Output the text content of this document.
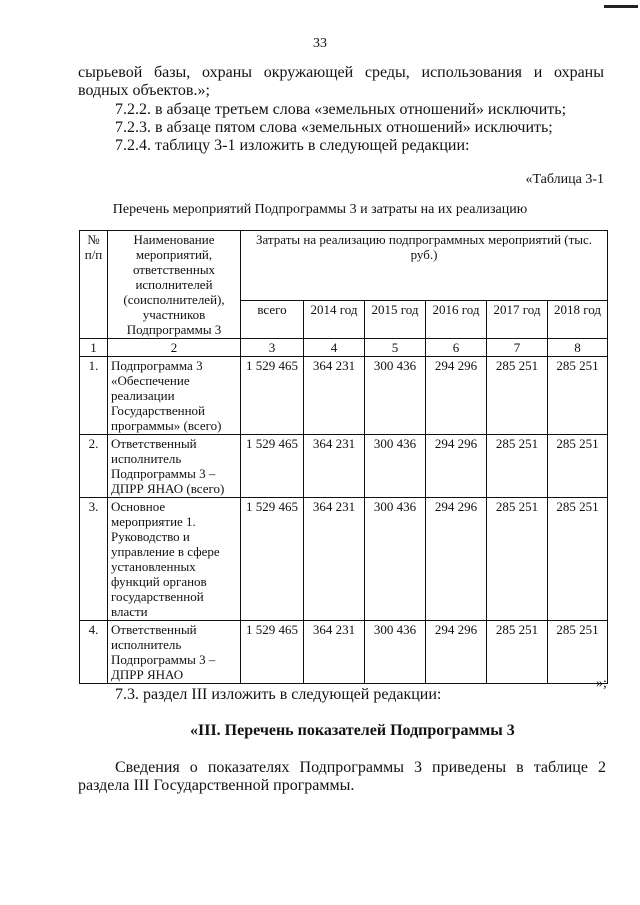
33
сырьевой базы, охраны окружающей среды, использования и охраны водных объектов.»;
7.2.2. в абзаце третьем слова «земельных отношений» исключить;
7.2.3. в абзаце пятом слова «земельных отношений» исключить;
7.2.4. таблицу 3-1 изложить в следующей редакции:
«Таблица 3-1
Перечень мероприятий Подпрограммы 3 и затраты на их реализацию
№ п/п	Наименование мероприятий, ответственных исполнителей (соисполнителей), участников Подпрограммы 3	Затраты на реализацию подпрограммных мероприятий (тыс. руб.)					
		всего	2014 год	2015 год	2016 год	2017 год	2018 год
1	2	3	4	5	6	7	8
1.	Подпрограмма 3 «Обеспечение реализации Государственной программы» (всего)	1 529 465	364 231	300 436	294 296	285 251	285 251
2.	Ответственный исполнитель Подпрограммы 3 – ДПРР ЯНАО (всего)	1 529 465	364 231	300 436	294 296	285 251	285 251
3.	Основное мероприятие 1. Руководство и управление в сфере установленных функций органов государственной власти	1 529 465	364 231	300 436	294 296	285 251	285 251
4.	Ответственный исполнитель Подпрограммы 3 – ДПРР ЯНАО	1 529 465	364 231	300 436	294 296	285 251	285 251
»;
7.3. раздел III изложить в следующей редакции:
«III. Перечень показателей Подпрограммы 3
Сведения о показателях Подпрограммы 3 приведены в таблице 2 раздела III Государственной программы.
